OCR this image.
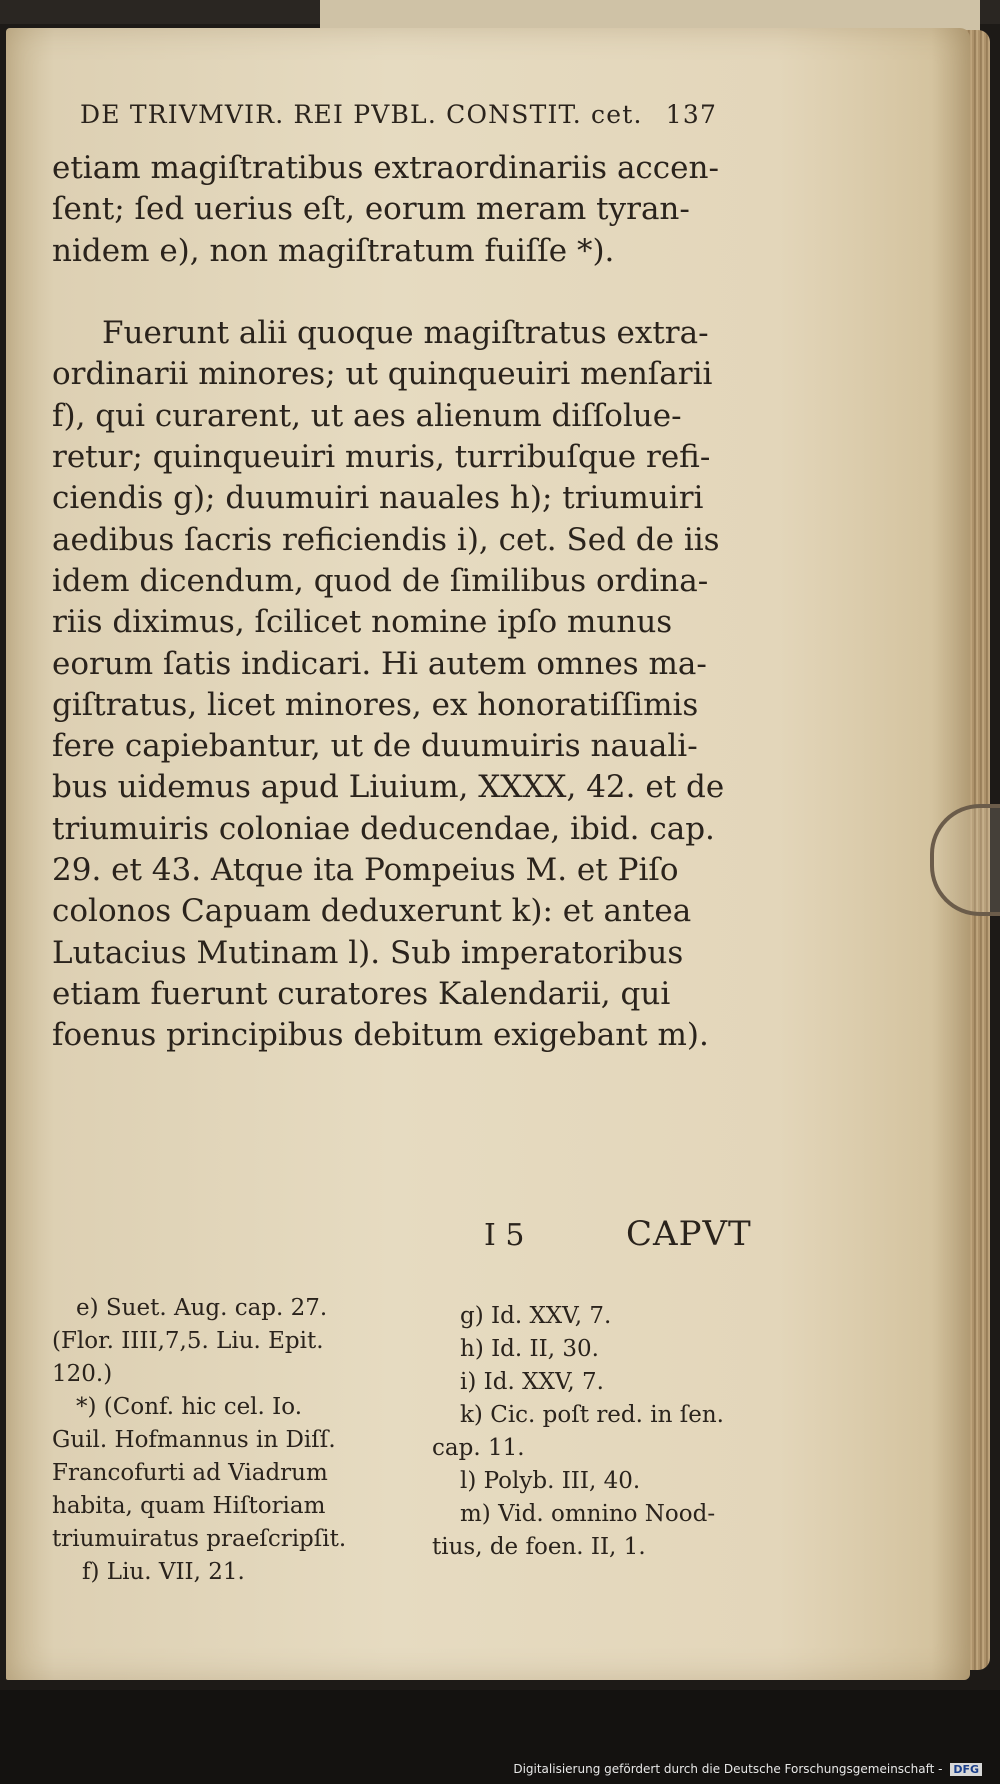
DE TRIVMVIR. REI PVBL. CONSTIT. cet. 137
etiam magiſtratibus extraordinariis accen-
ſent; ſed uerius eſt, eorum meram tyran-
nidem e), non magiſtratum fuiſſe *).
Fuerunt alii quoque magiſtratus extra-
ordinarii minores; ut quinqueuiri menſarii
f), qui curarent, ut aes alienum diſſolue-
retur; quinqueuiri muris, turribuſque refi-
ciendis g); duumuiri nauales h); triumuiri
aedibus ſacris reficiendis i), cet. Sed de iis
idem dicendum, quod de ſimilibus ordina-
riis diximus, ſcilicet nomine ipſo munus
eorum ſatis indicari. Hi autem omnes ma-
giſtratus, licet minores, ex honoratiſſimis
fere capiebantur, ut de duumuiris nauali-
bus uidemus apud Liuium, XXXX, 42. et de
triumuiris coloniae deducendae, ibid. cap.
29. et 43. Atque ita Pompeius M. et Piſo
colonos Capuam deduxerunt k): et antea
Lutacius Mutinam l). Sub imperatoribus
etiam fuerunt curatores Kalendarii, qui
foenus principibus debitum exigebant m).
I 5	CAPVT
e) Suet. Aug. cap. 27.
(Flor. IIII,7,5. Liu. Epit.
120.)
*) (Conf. hic cel. Io.
Guil. Hofmannus in Diſſ.
Francofurti ad Viadrum
habita, quam Hiſtoriam
triumuiratus praeſcripſit.
f) Liu. VII, 21.
g) Id. XXV, 7.
h) Id. II, 30.
i) Id. XXV, 7.
k) Cic. poſt red. in ſen.
cap. 11.
l) Polyb. III, 40.
m) Vid. omnino Nood-
tius, de foen. II, 1.
Digitalisierung gefördert durch die Deutsche Forschungsgemeinschaft - DFG
